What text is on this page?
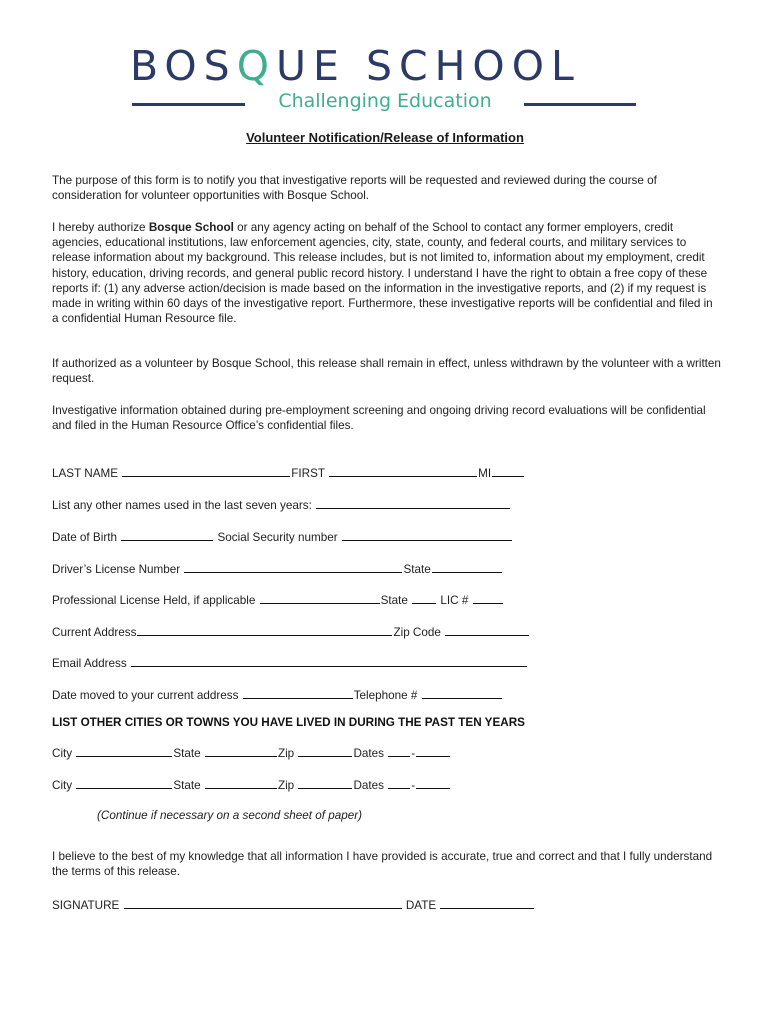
BOSQUE SCHOOL
Challenging Education
Volunteer Notification/Release of Information

The purpose of this form is to notify you that investigative reports will be requested and reviewed during the course of consideration for volunteer opportunities with Bosque School.

I hereby authorize Bosque School or any agency acting on behalf of the School to contact any former employers, credit agencies, educational institutions, law enforcement agencies, city, state, county, and federal courts, and military services to release information about my background. This release includes, but is not limited to, information about my employment, credit history, education, driving records, and general public record history. I understand I have the right to obtain a free copy of these reports if: (1) any adverse action/decision is made based on the information in the investigative reports, and (2) if my request is made in writing within 60 days of the investigative report. Furthermore, these investigative reports will be confidential and filed in a confidential Human Resource file.

If authorized as a volunteer by Bosque School, this release shall remain in effect, unless withdrawn by the volunteer with a written request.

Investigative information obtained during pre-employment screening and ongoing driving record evaluations will be confidential and filed in the Human Resource Office’s confidential files.

LAST NAME	FIRST	MI
List any other names used in the last seven years:
Date of Birth	Social Security number
Driver’s License Number	State
Professional License Held, if applicable	State	LIC #
Current Address	Zip Code
Email Address
Date moved to your current address	Telephone #
LIST OTHER CITIES OR TOWNS YOU HAVE LIVED IN DURING THE PAST TEN YEARS
City	State	Zip	Dates -
City	State	Zip	Dates -
(Continue if necessary on a second sheet of paper)

I believe to the best of my knowledge that all information I have provided is accurate, true and correct and that I fully understand the terms of this release.

SIGNATURE	DATE
